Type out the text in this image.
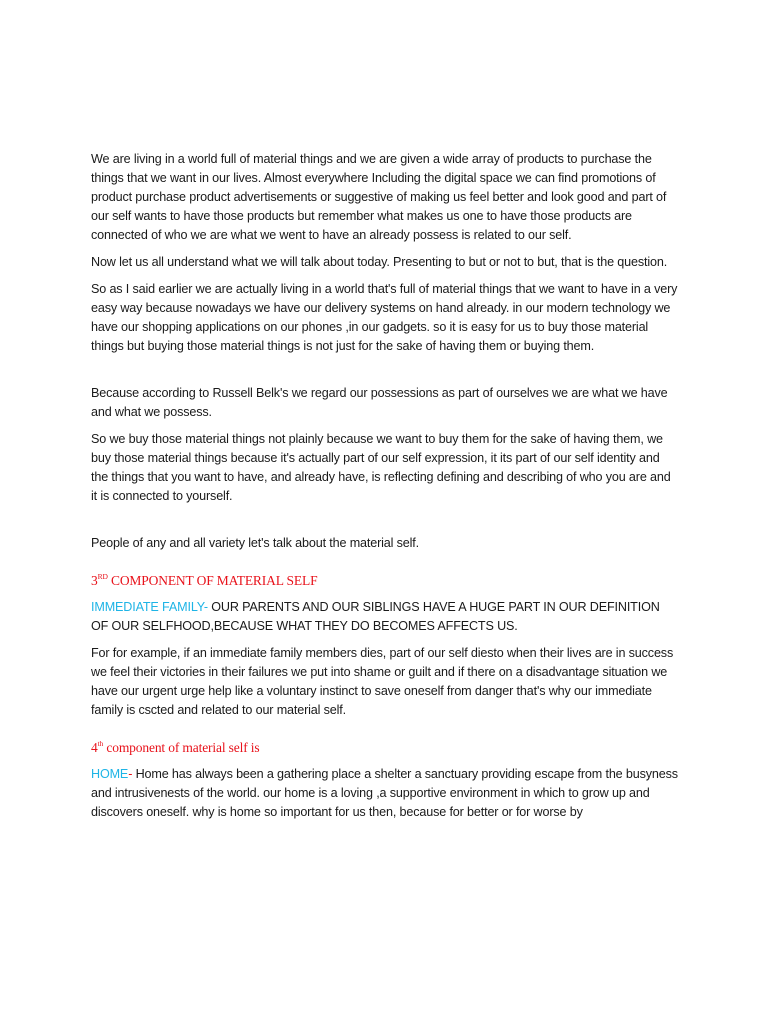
We are living in a world full of material things and we are given a wide array of products to purchase the things that we want in our lives. Almost everywhere Including the digital space we can find promotions of product purchase product advertisements or suggestive of making us feel better and look good and part of our self wants to have those products but remember what makes us one to have those products are connected of who we are what we went to have an already possess is related to our self.

Now let us all understand what we will talk about today. Presenting to but or not to but, that is the question.

So as I said earlier we are actually living in a world that's full of material things that we want to have in a very easy way because nowadays we have our delivery systems on hand already. in our modern technology we have our shopping applications on our phones ,in our gadgets. so it is easy for us to buy those material things but buying those material things is not just for the sake of having them or buying them.

Because according to Russell Belk's we regard our possessions as part of ourselves we are what we have and what we possess.

So we buy those material things not plainly because we want to buy them for the sake of having them, we buy those material things because it's actually part of our self expression, it its part of our self identity and the things that you want to have, and already have, is reflecting defining and describing of who you are and it is connected to yourself.

People of any and all variety let's talk about the material self.

3RD COMPONENT OF MATERIAL SELF

IMMEDIATE FAMILY- OUR PARENTS AND OUR SIBLINGS HAVE A HUGE PART IN OUR DEFINITION OF OUR SELFHOOD,BECAUSE WHAT THEY DO BECOMES AFFECTS US.

For for example, if an immediate family members dies, part of our self diesto when their lives are in success we feel their victories in their failures we put into shame or guilt and if there on a disadvantage situation we have our urgent urge help like a voluntary instinct to save oneself from danger that's why our immediate family is cscted and related to our material self.

4th component of material self is

HOME- Home has always been a gathering place a shelter a sanctuary providing escape from the busyness and intrusivenests of the world. our home is a loving ,a supportive environment in which to grow up and discovers oneself. why is home so important for us then, because for better or for worse by
